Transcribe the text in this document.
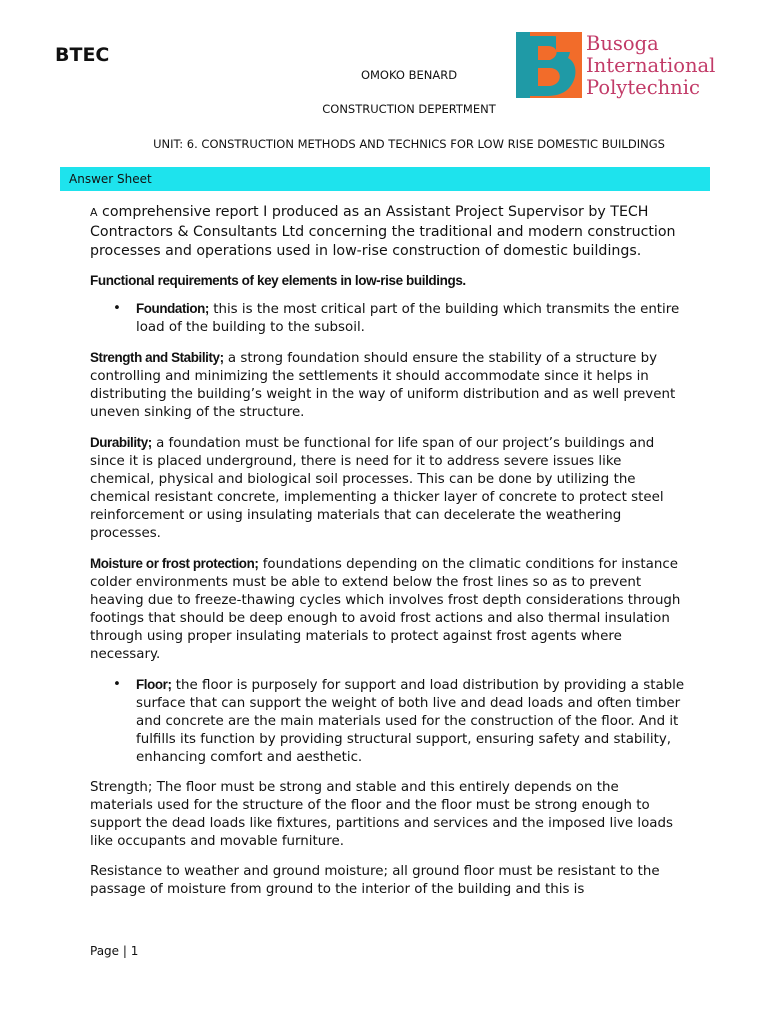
BTEC	Busoga
International
Polytechnic
OMOKO BENARD
CONSTRUCTION DEPERTMENT
UNIT: 6. CONSTRUCTION METHODS AND TECHNICS FOR LOW RISE DOMESTIC BUILDINGS
Answer Sheet

A comprehensive report I produced as an Assistant Project Supervisor by TECH Contractors & Consultants Ltd concerning the traditional and modern construction processes and operations used in low-rise construction of domestic buildings.

Functional requirements of key elements in low-rise buildings.
• Foundation; this is the most critical part of the building which transmits the entire load of the building to the subsoil.

Strength and Stability; a strong foundation should ensure the stability of a structure by controlling and minimizing the settlements it should accommodate since it helps in distributing the building’s weight in the way of uniform distribution and as well prevent uneven sinking of the structure.

Durability; a foundation must be functional for life span of our project’s buildings and since it is placed underground, there is need for it to address severe issues like chemical, physical and biological soil processes. This can be done by utilizing the chemical resistant concrete, implementing a thicker layer of concrete to protect steel reinforcement or using insulating materials that can decelerate the weathering processes.

Moisture or frost protection; foundations depending on the climatic conditions for instance colder environments must be able to extend below the frost lines so as to prevent heaving due to freeze-thawing cycles which involves frost depth considerations through footings that should be deep enough to avoid frost actions and also thermal insulation through using proper insulating materials to protect against frost agents where necessary.

• Floor; the floor is purposely for support and load distribution by providing a stable surface that can support the weight of both live and dead loads and often timber and concrete are the main materials used for the construction of the floor. And it fulfills its function by providing structural support, ensuring safety and stability, enhancing comfort and aesthetic.

Strength; The floor must be strong and stable and this entirely depends on the materials used for the structure of the floor and the floor must be strong enough to support the dead loads like fixtures, partitions and services and the imposed live loads like occupants and movable furniture.

Resistance to weather and ground moisture; all ground floor must be resistant to the passage of moisture from ground to the interior of the building and this is

Page | 1
